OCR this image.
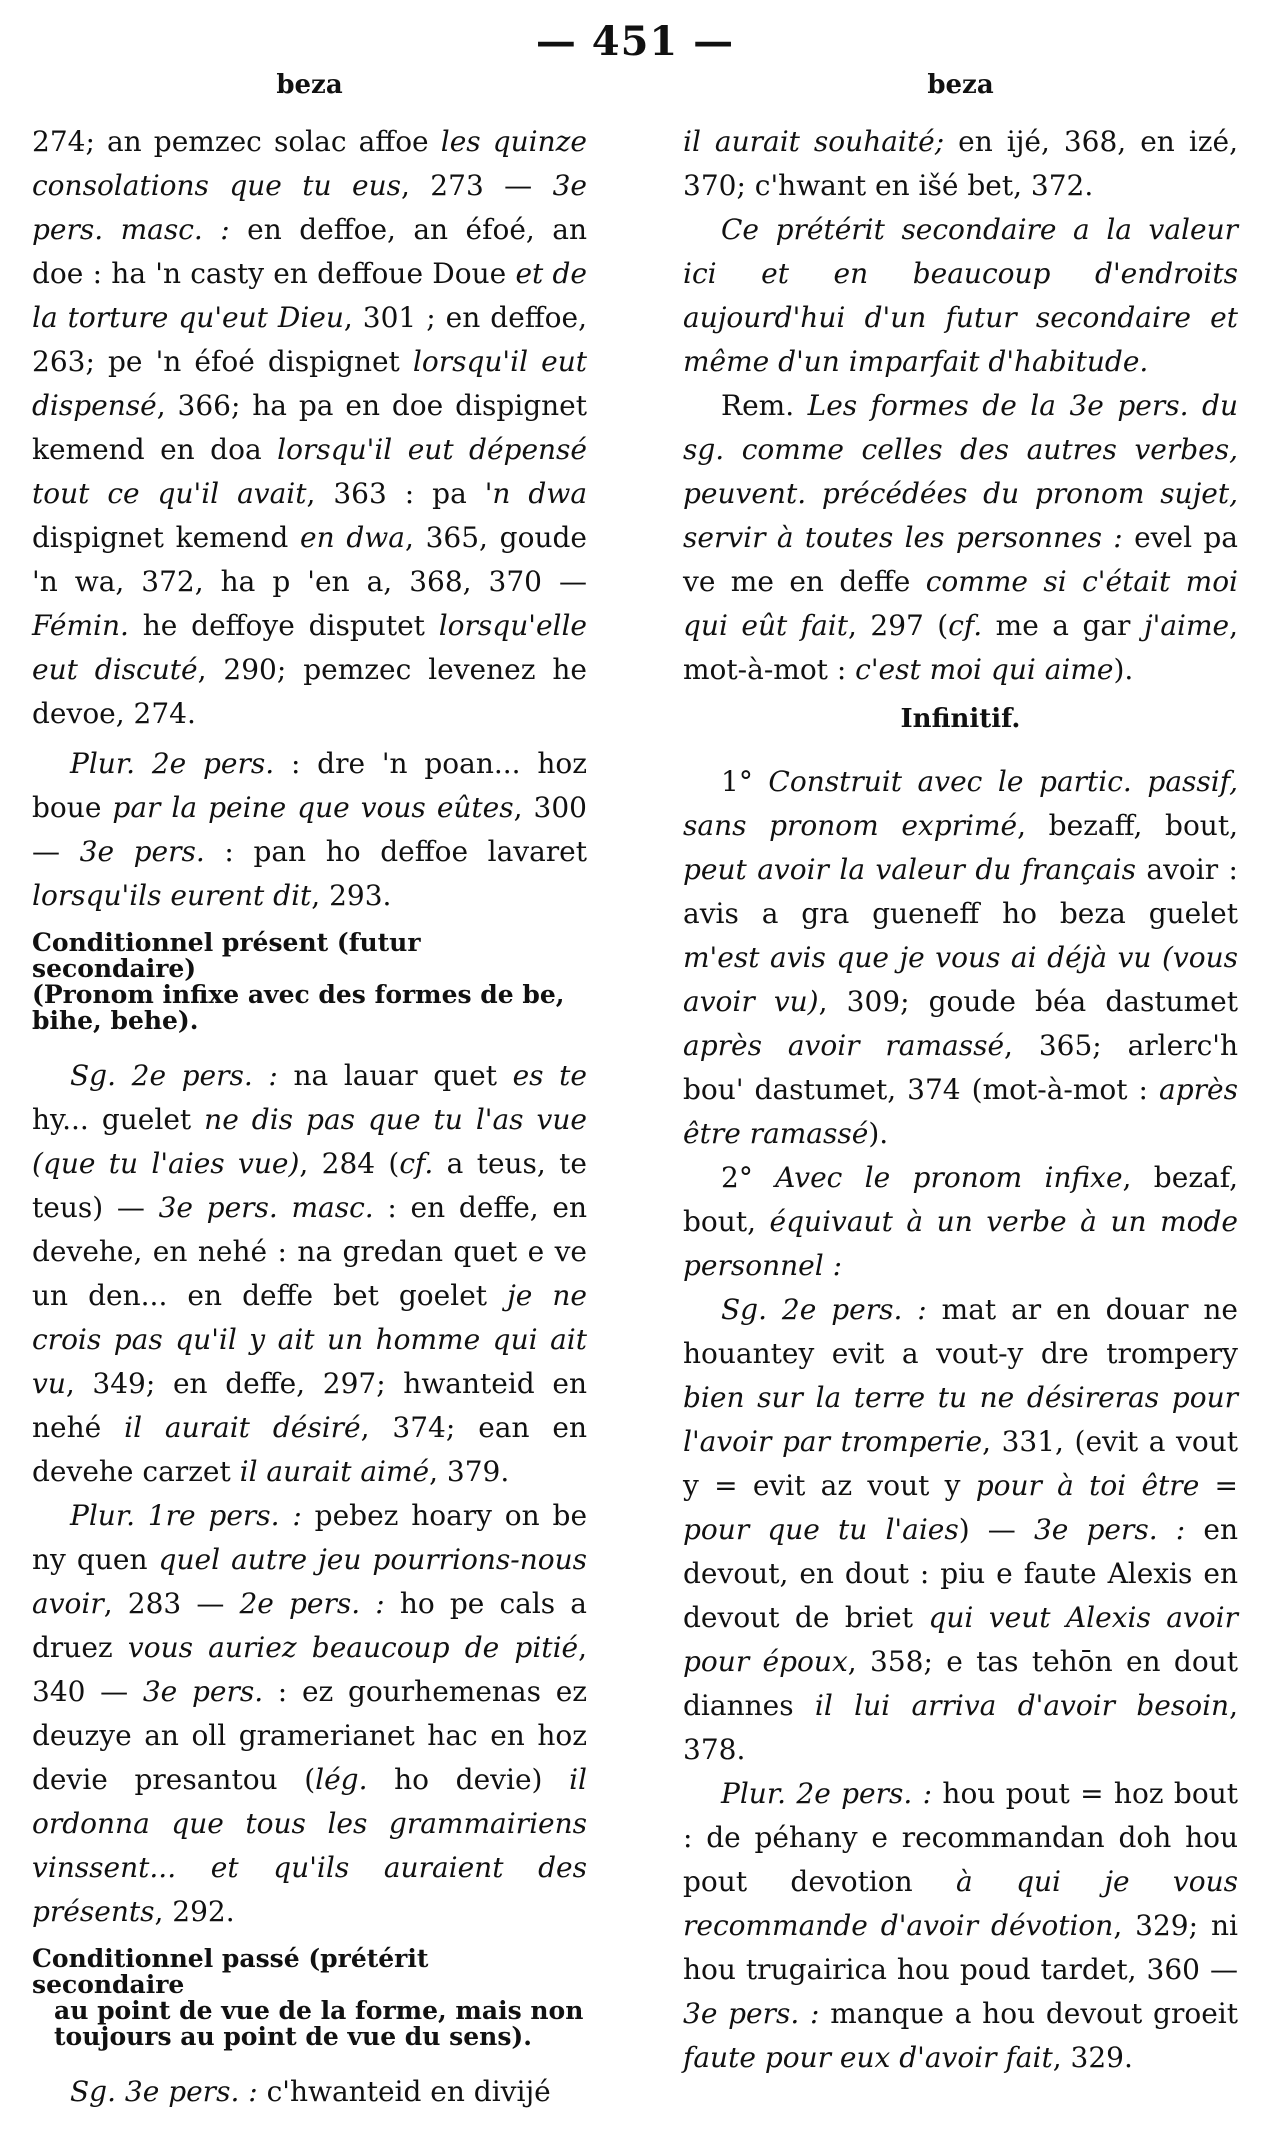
— 451 —
beza

274; an pemzec solac affoe les quinze consolations que tu eus, 273 — 3e pers. masc. : en deffoe, an éfoé, an doe : ha 'n casty en deffoue Doue et de la torture qu'eut Dieu, 301 ; en deffoe, 263; pe 'n éfoé dispignet lorsqu'il eut dispensé, 366; ha pa en doe dispignet kemend en doa lorsqu'il eut dépensé tout ce qu'il avait, 363 : pa 'n dwa dispignet kemend en dwa, 365, goude 'n wa, 372, ha p 'en a, 368, 370 — Fémin. he deffoye disputet lorsqu'elle eut discuté, 290; pemzec levenez he devoe, 274.

Plur. 2e pers. : dre 'n poan... hoz boue par la peine que vous eûtes, 300 — 3e pers. : pan ho deffoe lavaret lorsqu'ils eurent dit, 293.

Conditionnel présent (futur secondaire)
(Pronom infixe avec des formes de be, bihe, behe).

Sg. 2e pers. : na lauar quet es te hy... guelet ne dis pas que tu l'as vue (que tu l'aies vue), 284 (cf. a teus, te teus) — 3e pers. masc. : en deffe, en devehe, en nehé : na gredan quet e ve un den... en deffe bet goelet je ne crois pas qu'il y ait un homme qui ait vu, 349; en deffe, 297; hwanteid en nehé il aurait désiré, 374; ean en devehe carzet il aurait aimé, 379.

Plur. 1re pers. : pebez hoary on be ny quen quel autre jeu pourrions-nous avoir, 283 — 2e pers. : ho pe cals a druez vous auriez beaucoup de pitié, 340 — 3e pers. : ez gourhemenas ez deuzye an oll gramerianet hac en hoz devie presantou (lég. ho devie) il ordonna que tous les grammairiens vinssent... et qu'ils auraient des présents, 292.

Conditionnel passé (prétérit secondaire
au point de vue de la forme, mais non
toujours au point de vue du sens).

Sg. 3e pers. : c'hwanteid en divijé

beza

il aurait souhaité; en ijé, 368, en izé, 370; c'hwant en išé bet, 372.

Ce prétérit secondaire a la valeur ici et en beaucoup d'endroits aujourd'hui d'un futur secondaire et même d'un imparfait d'habitude.

Rem. Les formes de la 3e pers. du sg. comme celles des autres verbes, peuvent. précédées du pronom sujet, servir à toutes les personnes : evel pa ve me en deffe comme si c'était moi qui eût fait, 297 (cf. me a gar j'aime, mot-à-mot : c'est moi qui aime).

Infinitif.

1° Construit avec le partic. passif, sans pronom exprimé, bezaff, bout, peut avoir la valeur du français avoir : avis a gra gueneff ho beza guelet m'est avis que je vous ai déjà vu (vous avoir vu), 309; goude béa dastumet après avoir ramassé, 365; arlerc'h bou' dastumet, 374 (mot-à-mot : après être ramassé).

2° Avec le pronom infixe, bezaf, bout, équivaut à un verbe à un mode personnel :

Sg. 2e pers. : mat ar en douar ne houantey evit a vout-y dre trompery bien sur la terre tu ne désireras pour l'avoir par tromperie, 331, (evit a vout y = evit az vout y pour à toi être = pour que tu l'aies) — 3e pers. : en devout, en dout : piu e faute Alexis en devout de briet qui veut Alexis avoir pour époux, 358; e tas tehōn en dout diannes il lui arriva d'avoir besoin, 378.

Plur. 2e pers. : hou pout = hoz bout : de péhany e recommandan doh hou pout devotion à qui je vous recommande d'avoir dévotion, 329; ni hou trugairica hou poud tardet, 360 — 3e pers. : manque a hou devout groeit faute pour eux d'avoir fait, 329.
